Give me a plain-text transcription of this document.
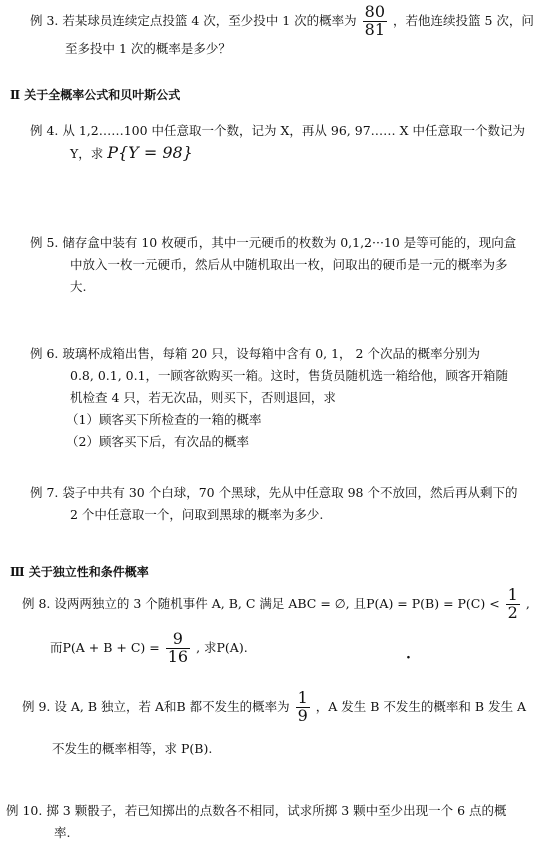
例 3. 若某球员连续定点投篮 4 次，至少投中 1 次的概率为 $\frac{80}{81}$ ，若他连续投篮 5 次，问
至多投中 1 次的概率是多少？
Ⅱ 关于全概率公式和贝叶斯公式
例 4. 从 1,2……100 中任意取一个数，记为 X，再从 96, 97…… X 中任意取一个数记为
Y，求 P{Y = 98}
例 5. 储存盒中装有 10 枚硬币，其中一元硬币的枚数为 0,1,2···10 是等可能的，现向盒
中放入一枚一元硬币，然后从中随机取出一枚，问取出的硬币是一元的概率为多
大.
例 6. 玻璃杯成箱出售，每箱 20 只，设每箱中含有 0, 1， 2 个次品的概率分别为
0.8, 0.1, 0.1，一顾客欲购买一箱。这时，售货员随机选一箱给他，顾客开箱随
机检查 4 只，若无次品，则买下，否则退回，求
（1）顾客买下所检查的一箱的概率
（2）顾客买下后，有次品的概率
例 7. 袋子中共有 30 个白球，70 个黑球，先从中任意取 98 个不放回，然后再从剩下的
2 个中任意取一个，问取到黑球的概率为多少.
Ⅲ 关于独立性和条件概率
例 8. 设两两独立的 3 个随机事件 A, B, C 满足 ABC = ∅, 且$P(A) = P(B) = P(C) < \frac{1}{2}$ ,
而$P(A + B + C) = \frac{9}{16}$ , 求P(A).
·
例 9. 设 A, B 独立，若 A和B 都不发生的概率为 $\frac{1}{9}$ ，A 发生 B 不发生的概率和 B 发生 A
不发生的概率相等，求 P(B).
例 10. 掷 3 颗骰子，若已知掷出的点数各不相同，试求所掷 3 颗中至少出现一个 6 点的概
率.
